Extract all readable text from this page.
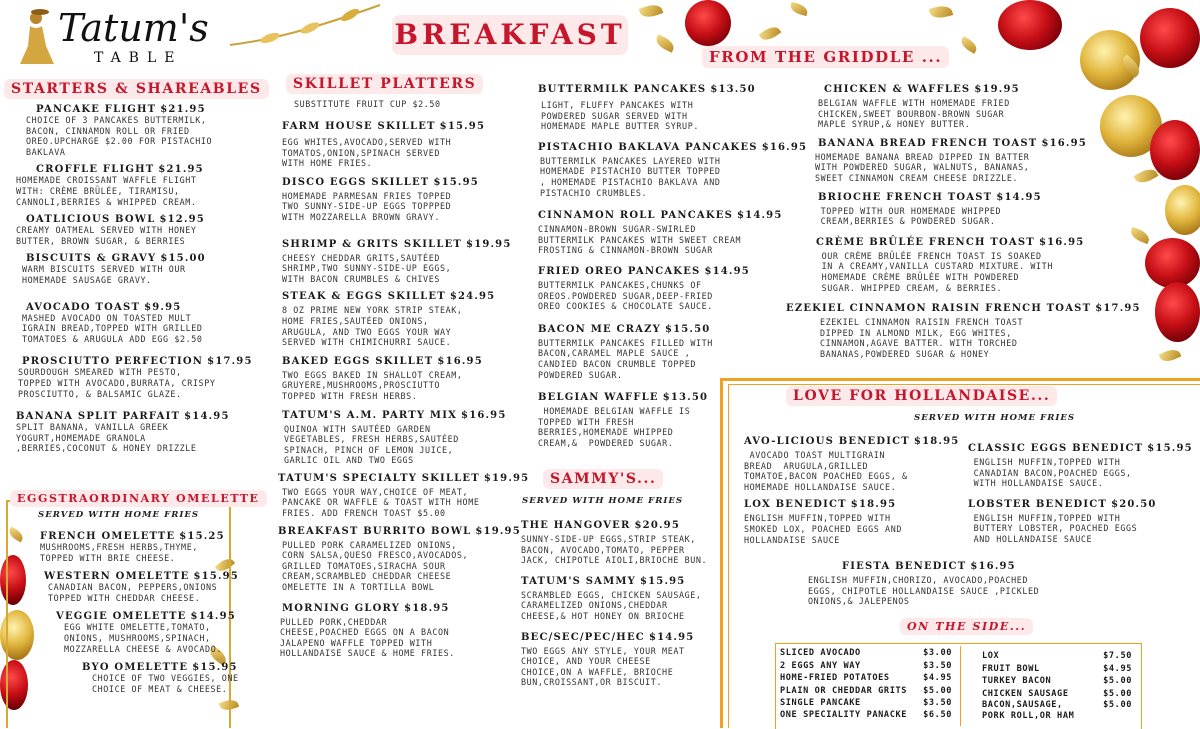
Tatum's
TABLE
BREAKFAST
FROM THE GRIDDLE ...
STARTERS & SHAREABLES
PANCAKE FLIGHT $21.95
CHOICE OF 3 PANCAKES BUTTERMILK,
BACON, CINNAMON ROLL OR FRIED
OREO.UPCHARGE $2.00 FOR PISTACHIO
BAKLAVA
CROFFLE FLIGHT $21.95
HOMEMADE CROISSANT WAFFLE FLIGHT
WITH: CRÈME BRÛLÉE, TIRAMISU,
CANNOLI,BERRIES & WHIPPED CREAM.
OATLICIOUS BOWL $12.95
CREAMY OATMEAL SERVED WITH HONEY
BUTTER, BROWN SUGAR, & BERRIES
BISCUITS & GRAVY $15.00
WARM BISCUITS SERVED WITH OUR
HOMEMADE SAUSAGE GRAVY.
AVOCADO TOAST $9.95
MASHED AVOCADO ON TOASTED MULT
IGRAIN BREAD,TOPPED WITH GRILLED
TOMATOES & ARUGULA ADD EGG $2.50
PROSCIUTTO PERFECTION $17.95
SOURDOUGH SMEARED WITH PESTO,
TOPPED WITH AVOCADO,BURRATA, CRISPY
PROSCIUTTO, & BALSAMIC GLAZE.
BANANA SPLIT PARFAIT $14.95
SPLIT BANANA, VANILLA GREEK
YOGURT,HOMEMADE GRANOLA
,BERRIES,COCONUT & HONEY DRIZZLE
EGGSTRAORDINARY OMELETTE
SERVED WITH HOME FRIES
FRENCH OMELETTE $15.25
MUSHROOMS,FRESH HERBS,THYME,
TOPPED WITH BRIE CHEESE.
WESTERN OMELETTE $15.95
CANADIAN BACON, PEPPERS,ONIONS
TOPPED WITH CHEDDAR CHEESE.
VEGGIE OMELETTE $14.95
EGG WHITE OMELETTE,TOMATO,
ONIONS, MUSHROOMS,SPINACH,
MOZZARELLA CHEESE & AVOCADO.
BYO OMELETTE $15.95
CHOICE OF TWO VEGGIES,
CHOICE OF MEAT & CHEESE.
SKILLET PLATTERS
SUBSTITUTE FRUIT CUP $2.50
FARM HOUSE SKILLET $15.95
EGG WHITES,AVOCADO,SERVED WITH
TOMATOS,ONION,SPINACH SERVED
WITH HOME FRIES.
DISCO EGGS SKILLET $15.95
HOMEMADE PARMESAN FRIES TOPPED
TWO SUNNY-SIDE-UP EGGS TOPPPED
WITH MOZZARELLA BROWN GRAVY.
SHRIMP & GRITS SKILLET $19.95
CHEESY CHEDDAR GRITS,SAUTÉED
SHRIMP,TWO SUNNY-SIDE-UP EGGS,
WITH BACON CRUMBLES & CHIVES
STEAK & EGGS SKILLET $24.95
8 OZ PRIME NEW YORK STRIP STEAK,
HOME FRIES,SAUTÉED ONIONS,
ARUGULA, AND TWO EGGS YOUR WAY
SERVED WITH CHIMICHURRI SAUCE.
BAKED EGGS SKILLET $16.95
TWO EGGS BAKED IN SHALLOT CREAM,
GRUYERE,MUSHROOMS,PROSCIUTTO
TOPPED WITH FRESH HERBS.
TATUM'S A.M. PARTY MIX $16.95
QUINOA WITH SAUTÉED GARDEN
VEGETABLES, FRESH HERBS,SAUTÉED
SPINACH, PINCH OF LEMON JUICE,
GARLIC OIL AND TWO EGGS
TATUM'S SPECIALTY SKILLET $19.95
TWO EGGS YOUR WAY,CHOICE OF MEAT,
PANCAKE OR WAFFLE & TOAST WITH HOME
FRIES. ADD FRENCH TOAST $5.00
BREAKFAST BURRITO BOWL $19.95
PULLED PORK CARAMELIZED ONIONS,
CORN SALSA,QUESO FRESCO,AVOCADOS,
GRILLED TOMATOES,SIRACHA SOUR
CREAM,SCRAMBLED CHEDDAR CHEESE
OMELETTE IN A TORTILLA BOWL
MORNING GLORY $18.95
PULLED PORK,CHEDDAR
CHEESE,POACHED EGGS ON A BACON
JALAPENO WAFFLE TOPPED WITH
HOLLANDAISE SAUCE & HOME FRIES.
BUTTERMILK PANCAKES $13.50
LIGHT, FLUFFY PANCAKES WITH
POWDERED SUGAR SERVED WITH
HOMEMADE MAPLE BUTTER SYRUP.
PISTACHIO BAKLAVA PANCAKES $16.95
BUTTERMILK PANCAKES LAYERED WITH
HOMEMADE PISTACHIO BUTTER TOPPED
, HOMEMADE PISTACHIO BAKLAVA AND
PISTACHIO CRUMBLES.
CINNAMON ROLL PANCAKES $14.95
CINNAMON-BROWN SUGAR-SWIRLED
BUTTERMILK PANCAKES WITH SWEET CREAM
FROSTING & CINNAMON-BROWN SUGAR
FRIED OREO PANCAKES $14.95
BUTTERMILK PANCAKES,CHUNKS OF
OREOS.POWDERED SUGAR,DEEP-FRIED
OREO COOKIES & CHOCOLATE SAUCE.
BACON ME CRAZY $15.50
BUTTERMILK PANCAKES FILLED WITH
BACON,CARAMEL MAPLE SAUCE ,
CANDIED BACON CRUMBLE TOPPED
POWDERED SUGAR.
BELGIAN WAFFLE $13.50
HOMEMADE BELGIAN WAFFLE IS
TOPPED WITH FRESH
BERRIES,HOMEMADE WHIPPED
CREAM,&  POWDERED SUGAR.
SAMMY'S...
SERVED WITH HOME FRIES
THE HANGOVER $20.95
SUNNY-SIDE-UP EGGS,STRIP STEAK,
BACON, AVOCADO,TOMATO, PEPPER
JACK, CHIPOTLE AIOLI,BRIOCHE BUN.
TATUM'S SAMMY $15.95
SCRAMBLED EGGS, CHICKEN SAUSAGE,
CARAMELIZED ONIONS,CHEDDAR
CHEESE,& HOT HONEY ON BRIOCHE
BEC/SEC/PEC/HEC $14.95
TWO EGGS ANY STYLE, YOUR MEAT
CHOICE, AND YOUR CHEESE
CHOICE,ON A WAFFLE, BRIOCHE
BUN,CROISSANT,OR BISCUIT.
CHICKEN & WAFFLES $19.95
BELGIAN WAFFLE WITH HOMEMADE FRIED
CHICKEN,SWEET BOURBON-BROWN SUGAR
MAPLE SYRUP,& HONEY BUTTER.
BANANA BREAD FRENCH TOAST $16.95
HOMEMADE BANANA BREAD DIPPED IN BATTER
WITH POWDERED SUGAR, WALNUTS, BANANAS,
SWEET CINNAMON CREAM CHEESE DRIZZLE.
BRIOCHE FRENCH TOAST $14.95
TOPPED WITH OUR HOMEMADE WHIPPED
CREAM,BERRIES & POWDERED SUGAR.
CRÈME BRÛLÉE FRENCH TOAST $16.95
OUR CRÈME BRÛLÉE FRENCH TOAST IS SOAKED
IN A CREAMY,VANILLA CUSTARD MIXTURE. WITH
HOMEMADE CRÈME BRÛLÉE WITH POWDERED
SUGAR. WHIPPED CREAM, & BERRIES.
EZEKIEL CINNAMON RAISIN FRENCH TOAST $17.95
EZEKIEL CINNAMON RAISIN FRENCH TOAST
DIPPED IN ALMOND MILK, EGG WHITES,
CINNAMON,AGAVE BATTER. WITH TORCHED
BANANAS,POWDERED SUGAR & HONEY
LOVE FOR HOLLANDAISE...
SERVED WITH HOME FRIES
AVO-LICIOUS BENEDICT $18.95
AVOCADO TOAST MULTIGRAIN
BREAD  ARUGULA,GRILLED
TOMATOE,BACON POACHED EGGS, &
HOMEMADE HOLLANDAISE SAUCE.
LOX BENEDICT $18.95
ENGLISH MUFFIN,TOPPED WITH
SMOKED LOX, POACHED EGGS AND
HOLLANDAISE SAUCE
CLASSIC EGGS BENEDICT $15.95
ENGLISH MUFFIN,TOPPED WITH
CANADIAN BACON,POACHED EGGS,
WITH HOLLANDAISE SAUCE.
LOBSTER BENEDICT $20.50
ENGLISH MUFFIN,TOPPED WITH
BUTTERY LOBSTER, POACHED EGGS
AND HOLLANDAISE SAUCE
FIESTA BENEDICT $16.95
ENGLISH MUFFIN,CHORIZO, AVOCADO,POACHED
EGGS, CHIPOTLE HOLLANDAISE SAUCE ,PICKLED
ONIONS,& JALEPENOS
ON THE SIDE...
SLICED AVOCADO	$3.00
2 EGGS ANY WAY	$3.50
HOME-FRIED POTATOES	$4.95
PLAIN OR CHEDDAR GRITS $5.00
SINGLE PANCAKE	$3.50
ONE SPECIALITY PANACKE $6.50
LOX	$7.50
FRUIT BOWL	$4.95
TURKEY BACON	$5.00
CHICKEN SAUSAGE	$5.00
BACON,SAUSAGE,	$5.00
PORK ROLL,OR HAM
